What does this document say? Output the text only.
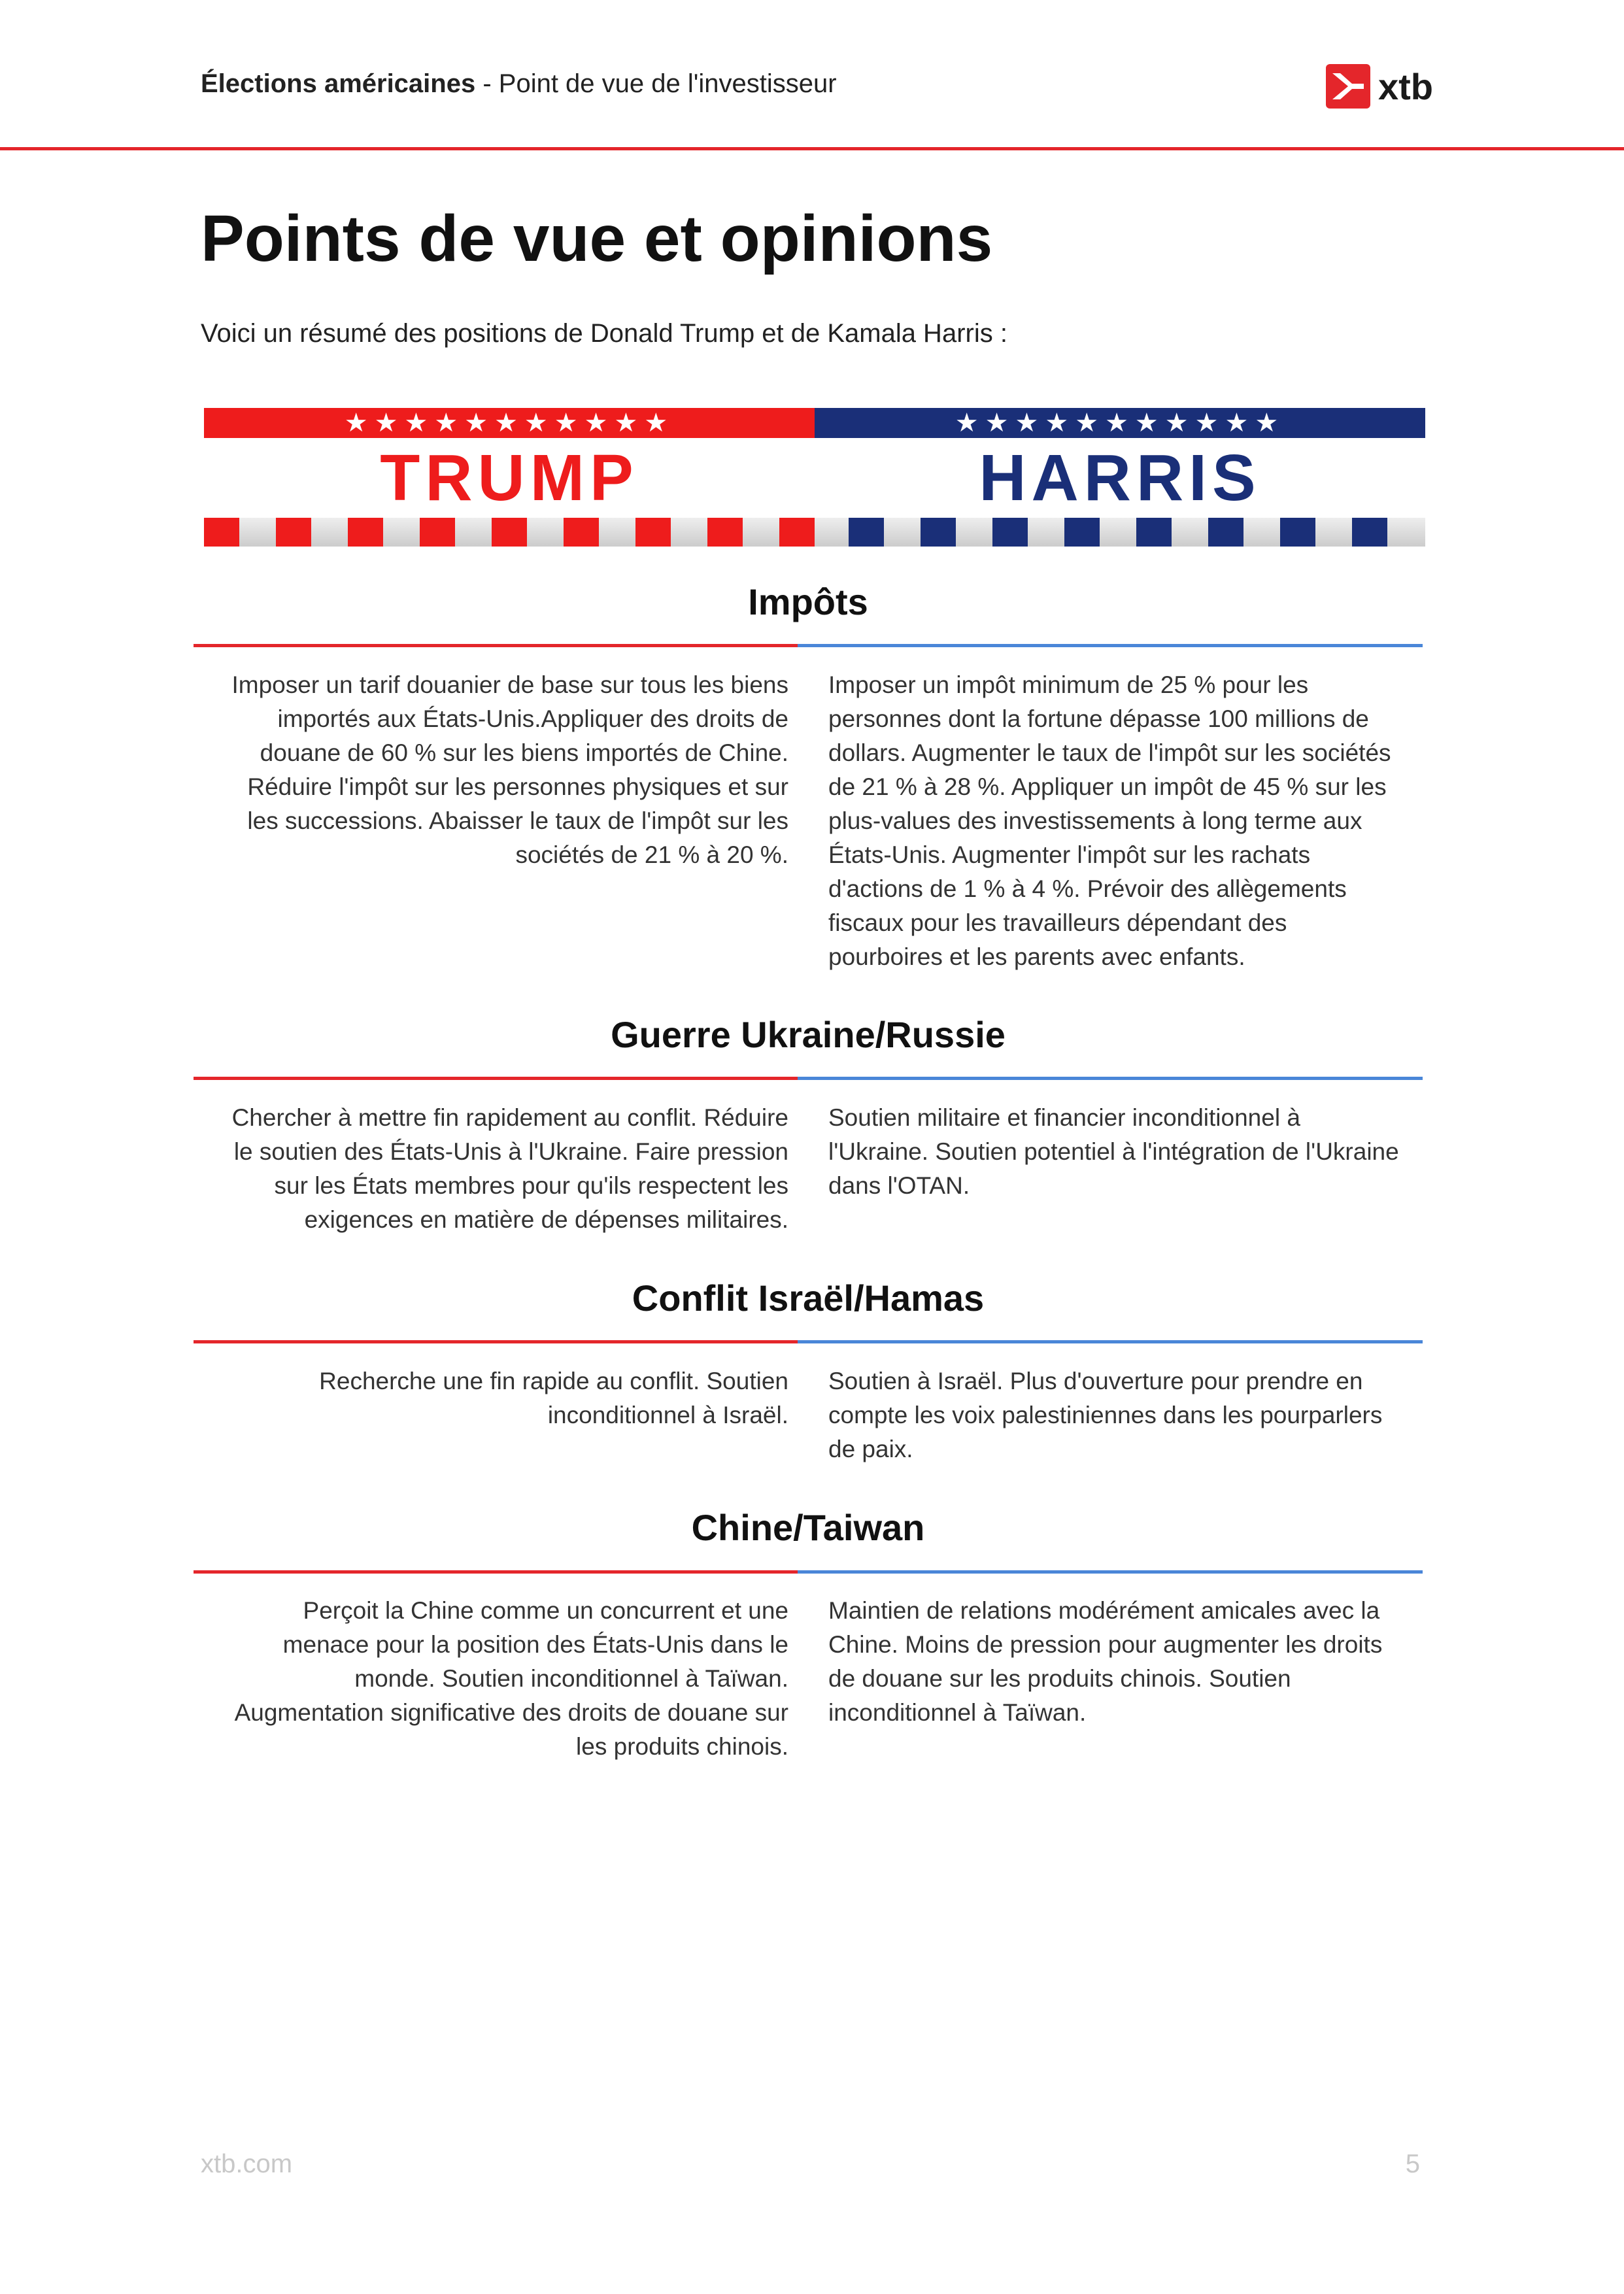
Élections américaines - Point de vue de l'investisseur	xtb
Points de vue et opinions
Voici un résumé des positions de Donald Trump et de Kamala Harris :
★★★★★★★★★★★
TRUMP
★★★★★★★★★★★
HARRIS
Impôts
Imposer un tarif douanier de base sur tous les biens importés aux États-Unis.Appliquer des droits de douane de 60 % sur les biens importés de Chine. Réduire l'impôt sur les personnes physiques et sur les successions. Abaisser le taux de l'impôt sur les sociétés de 21 % à 20 %.
Imposer un impôt minimum de 25 % pour les personnes dont la fortune dépasse 100 millions de dollars. Augmenter le taux de l'impôt sur les sociétés de 21 % à 28 %. Appliquer un impôt de 45 % sur les plus-values des investissements à long terme aux États-Unis. Augmenter l'impôt sur les rachats d'actions de 1 % à 4 %. Prévoir des allègements fiscaux pour les travailleurs dépendant des pourboires et les parents avec enfants.
Guerre Ukraine/Russie
Chercher à mettre fin rapidement au conflit. Réduire le soutien des États-Unis à l'Ukraine. Faire pression sur les États membres pour qu'ils respectent les exigences en matière de dépenses militaires.
Soutien militaire et financier inconditionnel à l'Ukraine. Soutien potentiel à l'intégration de l'Ukraine dans l'OTAN.
Conflit Israël/Hamas
Recherche une fin rapide au conflit. Soutien inconditionnel à Israël.
Soutien à Israël. Plus d'ouverture pour prendre en compte les voix palestiniennes dans les pourparlers de paix.
Chine/Taiwan
Perçoit la Chine comme un concurrent et une menace pour la position des États-Unis dans le monde. Soutien inconditionnel à Taïwan. Augmentation significative des droits de douane sur les produits chinois.
Maintien de relations modérément amicales avec la Chine. Moins de pression pour augmenter les droits de douane sur les produits chinois. Soutien inconditionnel à Taïwan.
xtb.com	5
